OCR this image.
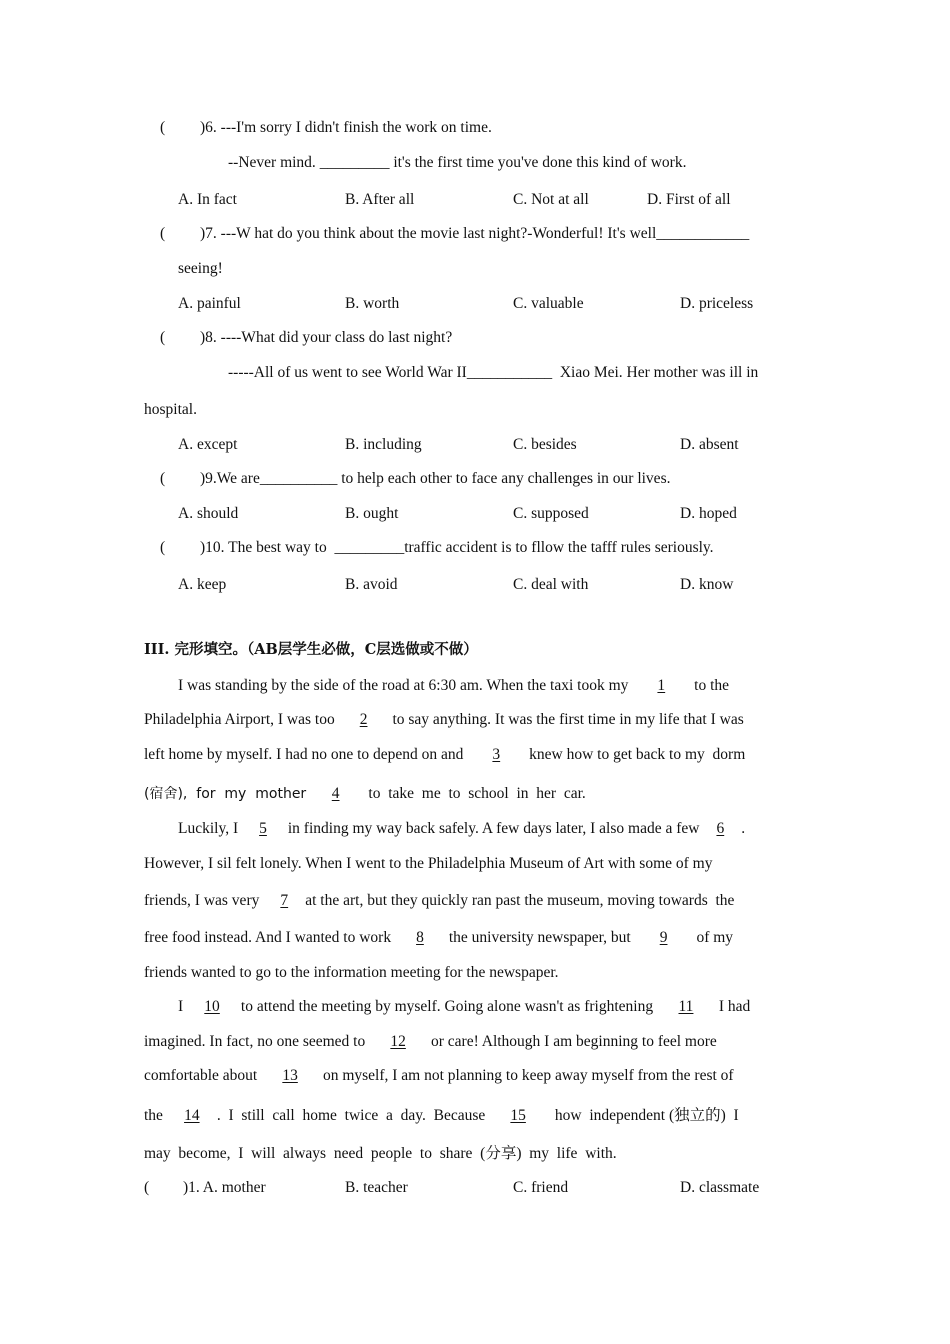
( )6. ---I'm sorry I didn't finish the work on time.
--Never mind. _________ it's the first time you've done this kind of work.
A. In fact	B. After all	C. Not at all	D. First of all
( )7. ---W hat do you think about the movie last night?-Wonderful! It's well____________
seeing!
A. painful	B. worth	C. valuable	D. priceless
( )8. ----What did your class do last night?
-----All of us went to see World War II___________  Xiao Mei. Her mother was ill in
hospital.
A. except	B. including	C. besides	D. absent
( )9.We are__________ to help each other to face any challenges in our lives.
A. should	B. ought	C. supposed	D. hoped
( )10. The best way to  _________traffic accident is to fllow the tafff rules seriously.
A. keep	B. avoid	C. deal with	D. know
III. 完形填空。（AB层学生必做，C层选做或不做）
I was standing by the side of the road at 6:30 am. When the taxi took my 1 to the
Philadelphia Airport, I was too 2 to say anything. It was the first time in my life that I was
left home by myself. I had no one to depend on and 3 knew how to get back to my  dorm
(宿舍),  for  my  mother 4  to  take  me  to  school  in  her  car.
Luckily, I 5 in finding my way back safely. A few days later, I also made a few 6 .
However, I sil felt lonely. When I went to the Philadelphia Museum of Art with some of my
friends, I was very 7 at the art, but they quickly ran past the museum, moving towards  the
free food instead. And I wanted to work 8 the university newspaper, but 9 of my
friends wanted to go to the information meeting for the newspaper.
I 10 to attend the meeting by myself. Going alone wasn't as frightening 11 I had
imagined. In fact, no one seemed to 12 or care! Although I am beginning to feel more
comfortable about 13 on myself, I am not planning to keep away myself from the rest of
the 14 .  I  still  call  home  twice  a  day.  Because 15  how  independent (独立的)  I
may  become,  I  will  always  need  people  to  share  (分享)  my  life  with.
( )1. A. mother	B. teacher	C. friend	D. classmate
